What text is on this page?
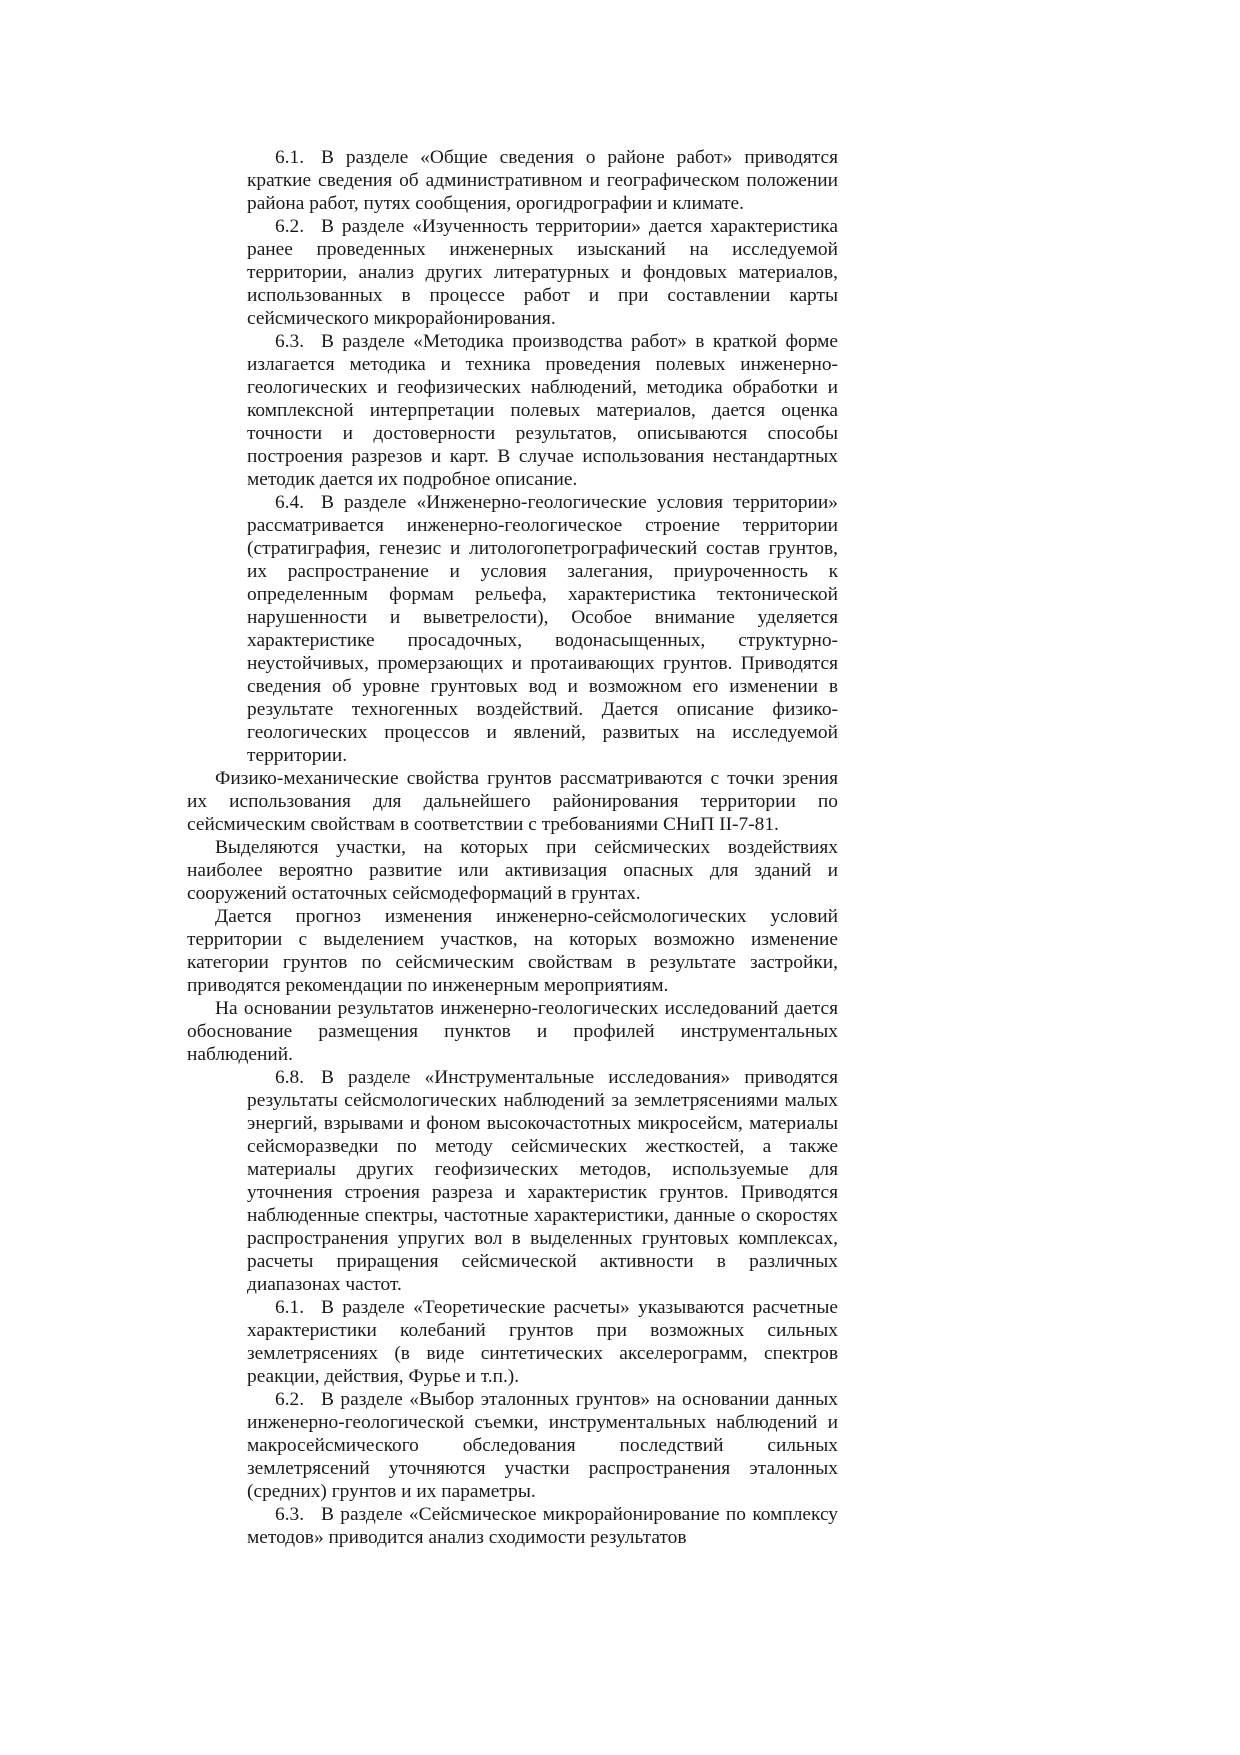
6.1. В разделе «Общие сведения о районе работ» приводятся краткие сведения об административном и географическом положении района работ, путях сообщения, орогидрографии и климате.

6.2. В разделе «Изученность территории» дается характеристика ранее проведенных инженерных изысканий на исследуемой территории, анализ других литературных и фондовых материалов, использованных в процессе работ и при составлении карты сейсмического микрорайонирования.

6.3. В разделе «Методика производства работ» в краткой форме излагается методика и техника проведения полевых инженерно-геологических и геофизических наблюдений, методика обработки и комплексной интерпретации полевых материалов, дается оценка точности и достоверности результатов, описываются способы построения разрезов и карт. В случае использования нестандартных методик дается их подробное описание.

6.4. В разделе «Инженерно-геологические условия территории» рассматривается инженерно-геологическое строение территории (стратиграфия, генезис и литологопетрографический состав грунтов, их распространение и условия залегания, приуроченность к определенным формам рельефа, характеристика тектонической нарушенности и выветрелости), Особое внимание уделяется характеристике просадочных, водонасыщенных, структурно-неустойчивых, промерзающих и протаивающих грунтов. Приводятся сведения об уровне грунтовых вод и возможном его изменении в результате техногенных воздействий. Дается описание физико-геологических процессов и явлений, развитых на исследуемой территории.

Физико-механические свойства грунтов рассматриваются с точки зрения их использования для дальнейшего районирования территории по сейсмическим свойствам в соответствии с требованиями СНиП II-7-81.

Выделяются участки, на которых при сейсмических воздействиях наиболее вероятно развитие или активизация опасных для зданий и сооружений остаточных сейсмодеформаций в грунтах.

Дается прогноз изменения инженерно-сейсмологических условий территории с выделением участков, на которых возможно изменение категории грунтов по сейсмическим свойствам в результате застройки, приводятся рекомендации по инженерным мероприятиям.

На основании результатов инженерно-геологических исследований дается обоснование размещения пунктов и профилей инструментальных наблюдений.

6.8. В разделе «Инструментальные исследования» приводятся результаты сейсмологических наблюдений за землетрясениями малых энергий, взрывами и фоном высокочастотных микросейсм, материалы сейсморазведки по методу сейсмических жесткостей, а также материалы других геофизических методов, используемые для уточнения строения разреза и характеристик грунтов. Приводятся наблюденные спектры, частотные характеристики, данные о скоростях распространения упругих вол в выделенных грунтовых комплексах, расчеты приращения сейсмической активности в различных диапазонах частот.

6.1. В разделе «Теоретические расчеты» указываются расчетные характеристики колебаний грунтов при возможных сильных землетрясениях (в виде синтетических акселерограмм, спектров реакции, действия, Фурье и т.п.).

6.2. В разделе «Выбор эталонных грунтов» на основании данных инженерно-геологической съемки, инструментальных наблюдений и макросейсмического обследования последствий сильных землетрясений уточняются участки распространения эталонных (средних) грунтов и их параметры.

6.3. В разделе «Сейсмическое микрорайонирование по комплексу методов» приводится анализ сходимости результатов
